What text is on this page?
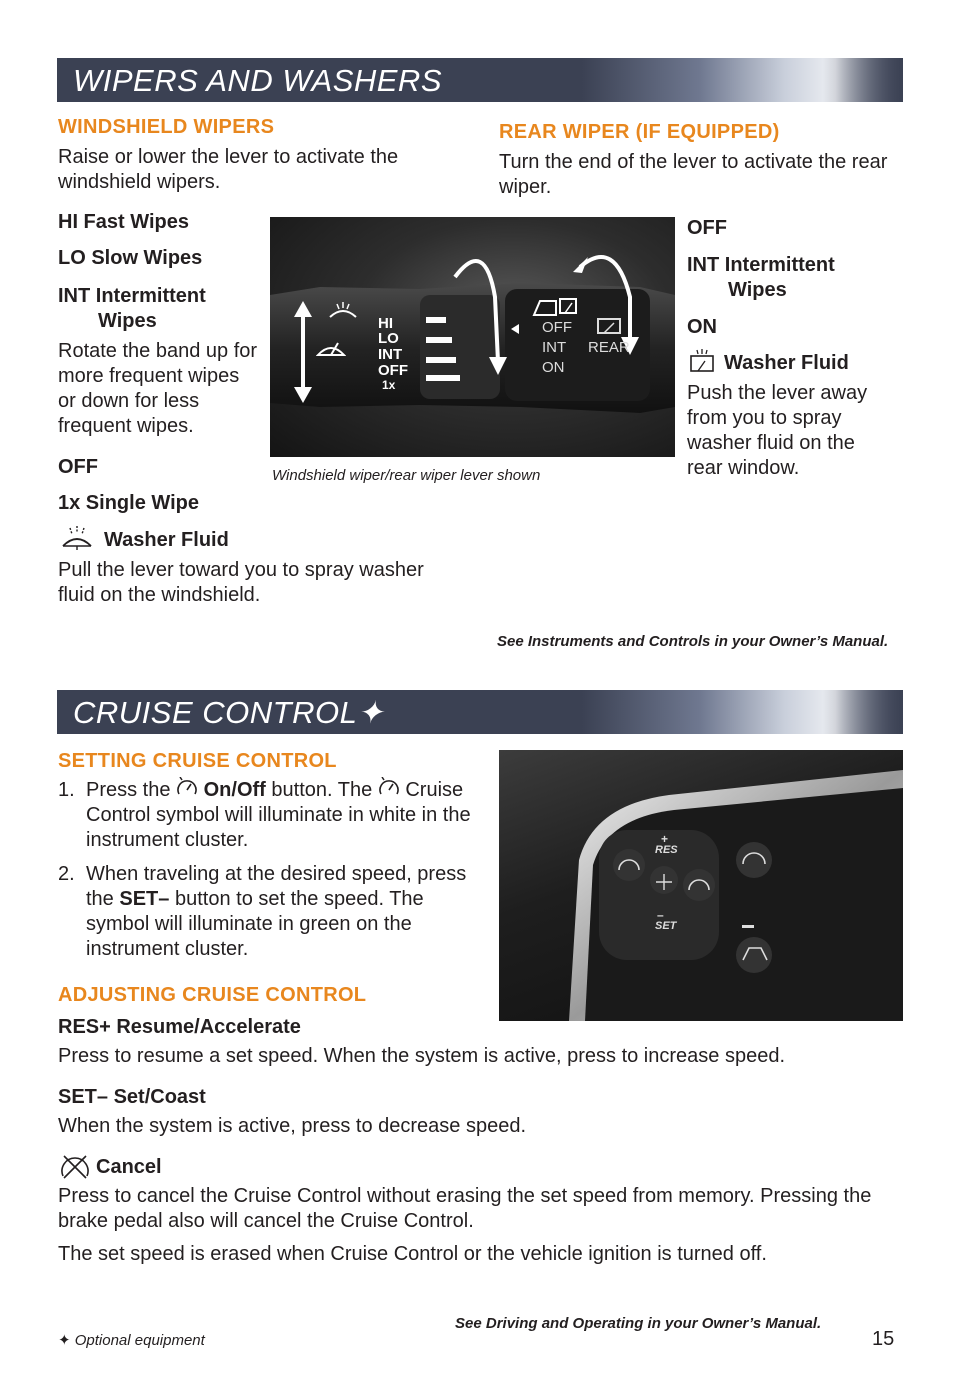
WIPERS AND WASHERS
WINDSHIELD WIPERS
Raise or lower the lever to activate the windshield wipers.
HI Fast Wipes
LO Slow Wipes
INT Intermittent
Wipes
Rotate the band up for more frequent wipes or down for less frequent wipes.
OFF
1x Single Wipe
Washer Fluid
Pull the lever toward you to spray washer fluid on the windshield.
HI
LO
INT
OFF
1x
OFF
INT
ON
REAR
Windshield wiper/rear wiper lever shown
REAR WIPER (IF EQUIPPED)
Turn the end of the lever to activate the rear wiper.
OFF
INT Intermittent
Wipes
ON
Washer Fluid
Push the lever away from you to spray washer fluid on the rear window.
See Instruments and Controls in your Owner’s Manual.
CRUISE CONTROL✦
SETTING CRUISE CONTROL
1. Press the On/Off button. The Cruise Control symbol will illuminate in white in the instrument cluster.
2. When traveling at the desired speed, press the SET– button to set the speed. The symbol will illuminate in green on the instrument cluster.
+
RES
–
SET
ADJUSTING CRUISE CONTROL
RES+ Resume/Accelerate
Press to resume a set speed. When the system is active, press to increase speed.
SET– Set/Coast
When the system is active, press to decrease speed.
Cancel
Press to cancel the Cruise Control without erasing the set speed from memory. Pressing the brake pedal also will cancel the Cruise Control.
The set speed is erased when Cruise Control or the vehicle ignition is turned off.
See Driving and Operating in your Owner’s Manual.
✦ Optional equipment	15
